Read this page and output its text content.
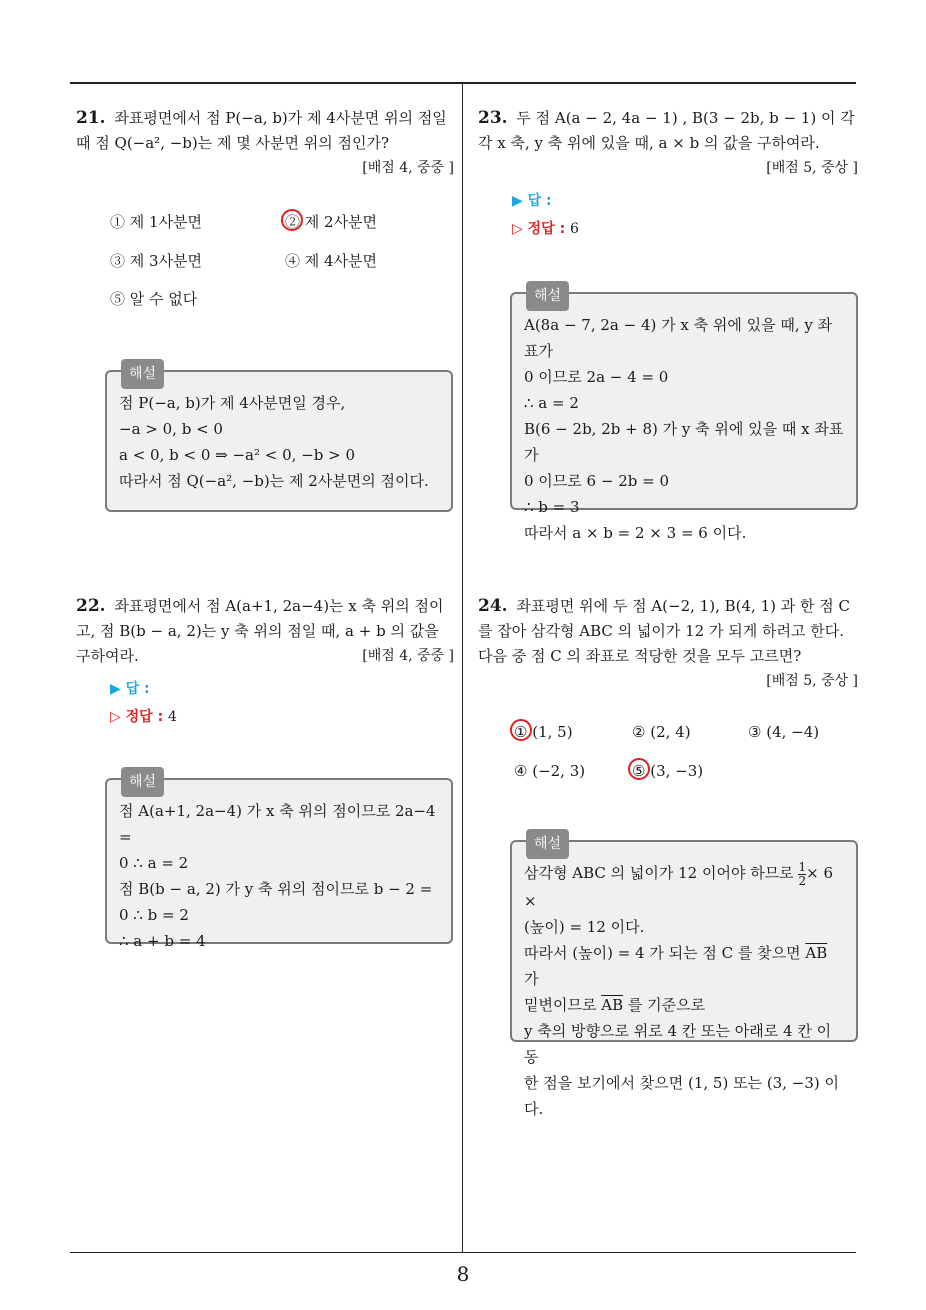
21. 좌표평면에서 점 P(−a, b)가 제 4사분면 위의 점일 때 점 Q(−a², −b)는 제 몇 사분면 위의 점인가?
[배점 4, 중중 ]
① 제 1사분면	② 제 2사분면
③ 제 3사분면	④ 제 4사분면
⑤ 알 수 없다
해설
점 P(−a, b)가 제 4사분면일 경우,
−a > 0, b < 0
a < 0, b < 0 ⇒ −a² < 0, −b > 0
따라서 점 Q(−a², −b)는 제 2사분면의 점이다.
22. 좌표평면에서 점 A(a+1, 2a−4)는 x 축 위의 점이고, 점 B(b − a, 2)는 y 축 위의 점일 때, a + b 의 값을 구하여라.	[배점 4, 중중 ]
▶ 답 :
▷ 정답 : 4
해설
점 A(a+1, 2a−4) 가 x 축 위의 점이므로 2a−4 =
0 ∴ a = 2
점 B(b − a, 2) 가 y 축 위의 점이므로 b − 2 =
0 ∴ b = 2
∴ a + b = 4
23. 두 점 A(a − 2, 4a − 1) , B(3 − 2b, b − 1) 이 각각 x 축, y 축 위에 있을 때, a × b 의 값을 구하여라.
[배점 5, 중상 ]
▶ 답 :
▷ 정답 : 6
해설
A(8a − 7, 2a − 4) 가 x 축 위에 있을 때, y 좌표가
0 이므로 2a − 4 = 0
∴ a = 2
B(6 − 2b, 2b + 8) 가 y 축 위에 있을 때 x 좌표가
0 이므로 6 − 2b = 0
∴ b = 3
따라서 a × b = 2 × 3 = 6 이다.
24. 좌표평면 위에 두 점 A(−2, 1), B(4, 1) 과 한 점 C 를 잡아 삼각형 ABC 의 넓이가 12 가 되게 하려고 한다. 다음 중 점 C 의 좌표로 적당한 것을 모두 고르면?
[배점 5, 중상 ]
① (1, 5)	② (2, 4)	③ (4, −4)
④ (−2, 3)	⑤ (3, −3)
해설
삼각형 ABC 의 넓이가 12 이어야 하므로 $\frac{1}{2} \times 6$ ×
(높이) = 12 이다.
따라서 (높이) = 4 가 되는 점 C 를 찾으면 $\overline{AB}$ 가
밑변이므로 $\overline{AB}$ 를 기준으로
y 축의 방향으로 위로 4 칸 또는 아래로 4 칸 이동
한 점을 보기에서 찾으면 (1, 5) 또는 (3, −3) 이다.
8
